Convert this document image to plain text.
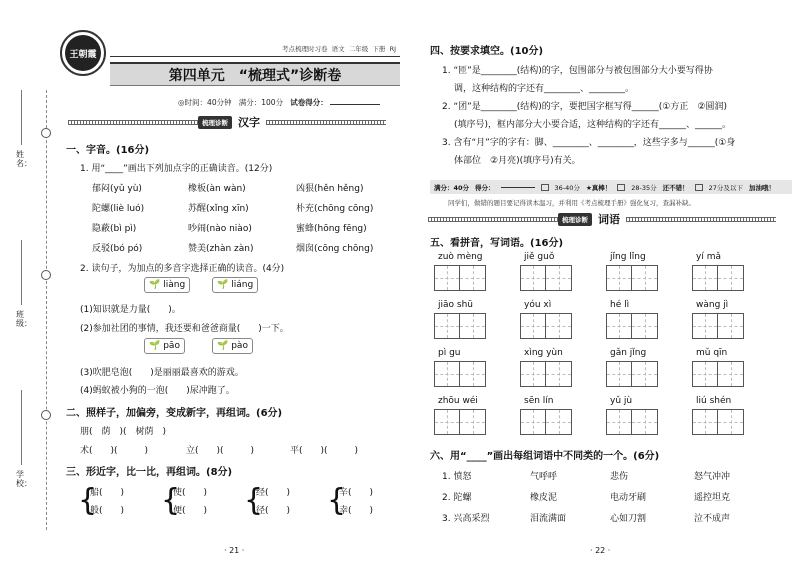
姓名：
班级：
学校：
王朝霞
考点梳理时习卷 语文 二年级 下册 RJ
第四单元　“梳理式”诊断卷
◎时间：40分钟 满分：100分 试卷得分：
梳理诊断 汉字
一、字音。(16分)
1. 用“____”画出下列加点字的正确读音。(12分)
郁闷(yǔ yù)	橡板(àn wàn)	凶狠(hěn hěng)
陀螺(liè luó)	苏醒(xǐng xīn)	朴充(chōng cōng)
隐蔽(bì pì)	吵闹(nào niào)	蜜蜂(hōng fēng)
反驳(bó pó)	赞美(zhàn zàn)	烟囱(cōng chōng)
2. 读句子，为加点的多音字选择正确的读音。(4分)
🌱 liàng	🌱 liáng
(1)知识就是力量(　　)。
(2)参加社团的事情，我还要和爸爸商量(　　)一下。
🌱 pāo	🌱 pào
(3)吹肥皂泡(　　)是丽丽最喜欢的游戏。
(4)蚂蚁被小狗的一泡(　　)尿冲跑了。
二、照样子，加偏旁，变成新字，再组词。(6分)
朋(　荫　)(　树荫　)
术(　　)(　　　)	立(　　)(　　　)	平(　　)(　　　)
三、形近字，比一比，再组词。(8分)
{
船(　　)
般(　　) {
使(　　)
便(　　) {
经(　　)
径(　　) {
辛(　　)
幸(　　)
· 21 ·
四、按要求填空。(10分)
1. “匝”是________(结构)的字，包围部分与被包围部分大小要写得协
调，这种结构的字还有________、________。
2. “团”是________(结构)的字，要把国字框写得______(①方正　②圆润)
(填序号)，框内部分大小要合适，这种结构的字还有______、______。
3. 含有“月”字的字有：脚、________、________，这些字多与______(①身
体部位　②月亮)(填序号)有关。
满分：40分 得分：	36-40分 ★真棒！	28-35分 还不错！	27分及以下 加油哦！
同学们，做错的题目要记得读本温习，并利用《考点梳理手册》强化复习，查漏补缺。
梳理诊断 词语
五、看拼音，写词语。(16分)
zuò mèng	jiě guǒ	jǐng lǐng	yí mǎ
jiāo shū	yóu xì	hé lì	wàng jì
pì gu	xìng yùn	gǎn jǐng	mǔ qīn
zhōu wéi	sēn lín	yǔ jù	liú shén
六、用“____”画出每组词语中不同类的一个。(6分)
1. 愤怒	气呼呼	悲伤	怒气冲冲
2. 陀螺	橡皮泥	电动牙刷	遥控坦克
3. 兴高采烈	泪流满面	心如刀割	泣不成声
· 22 ·
